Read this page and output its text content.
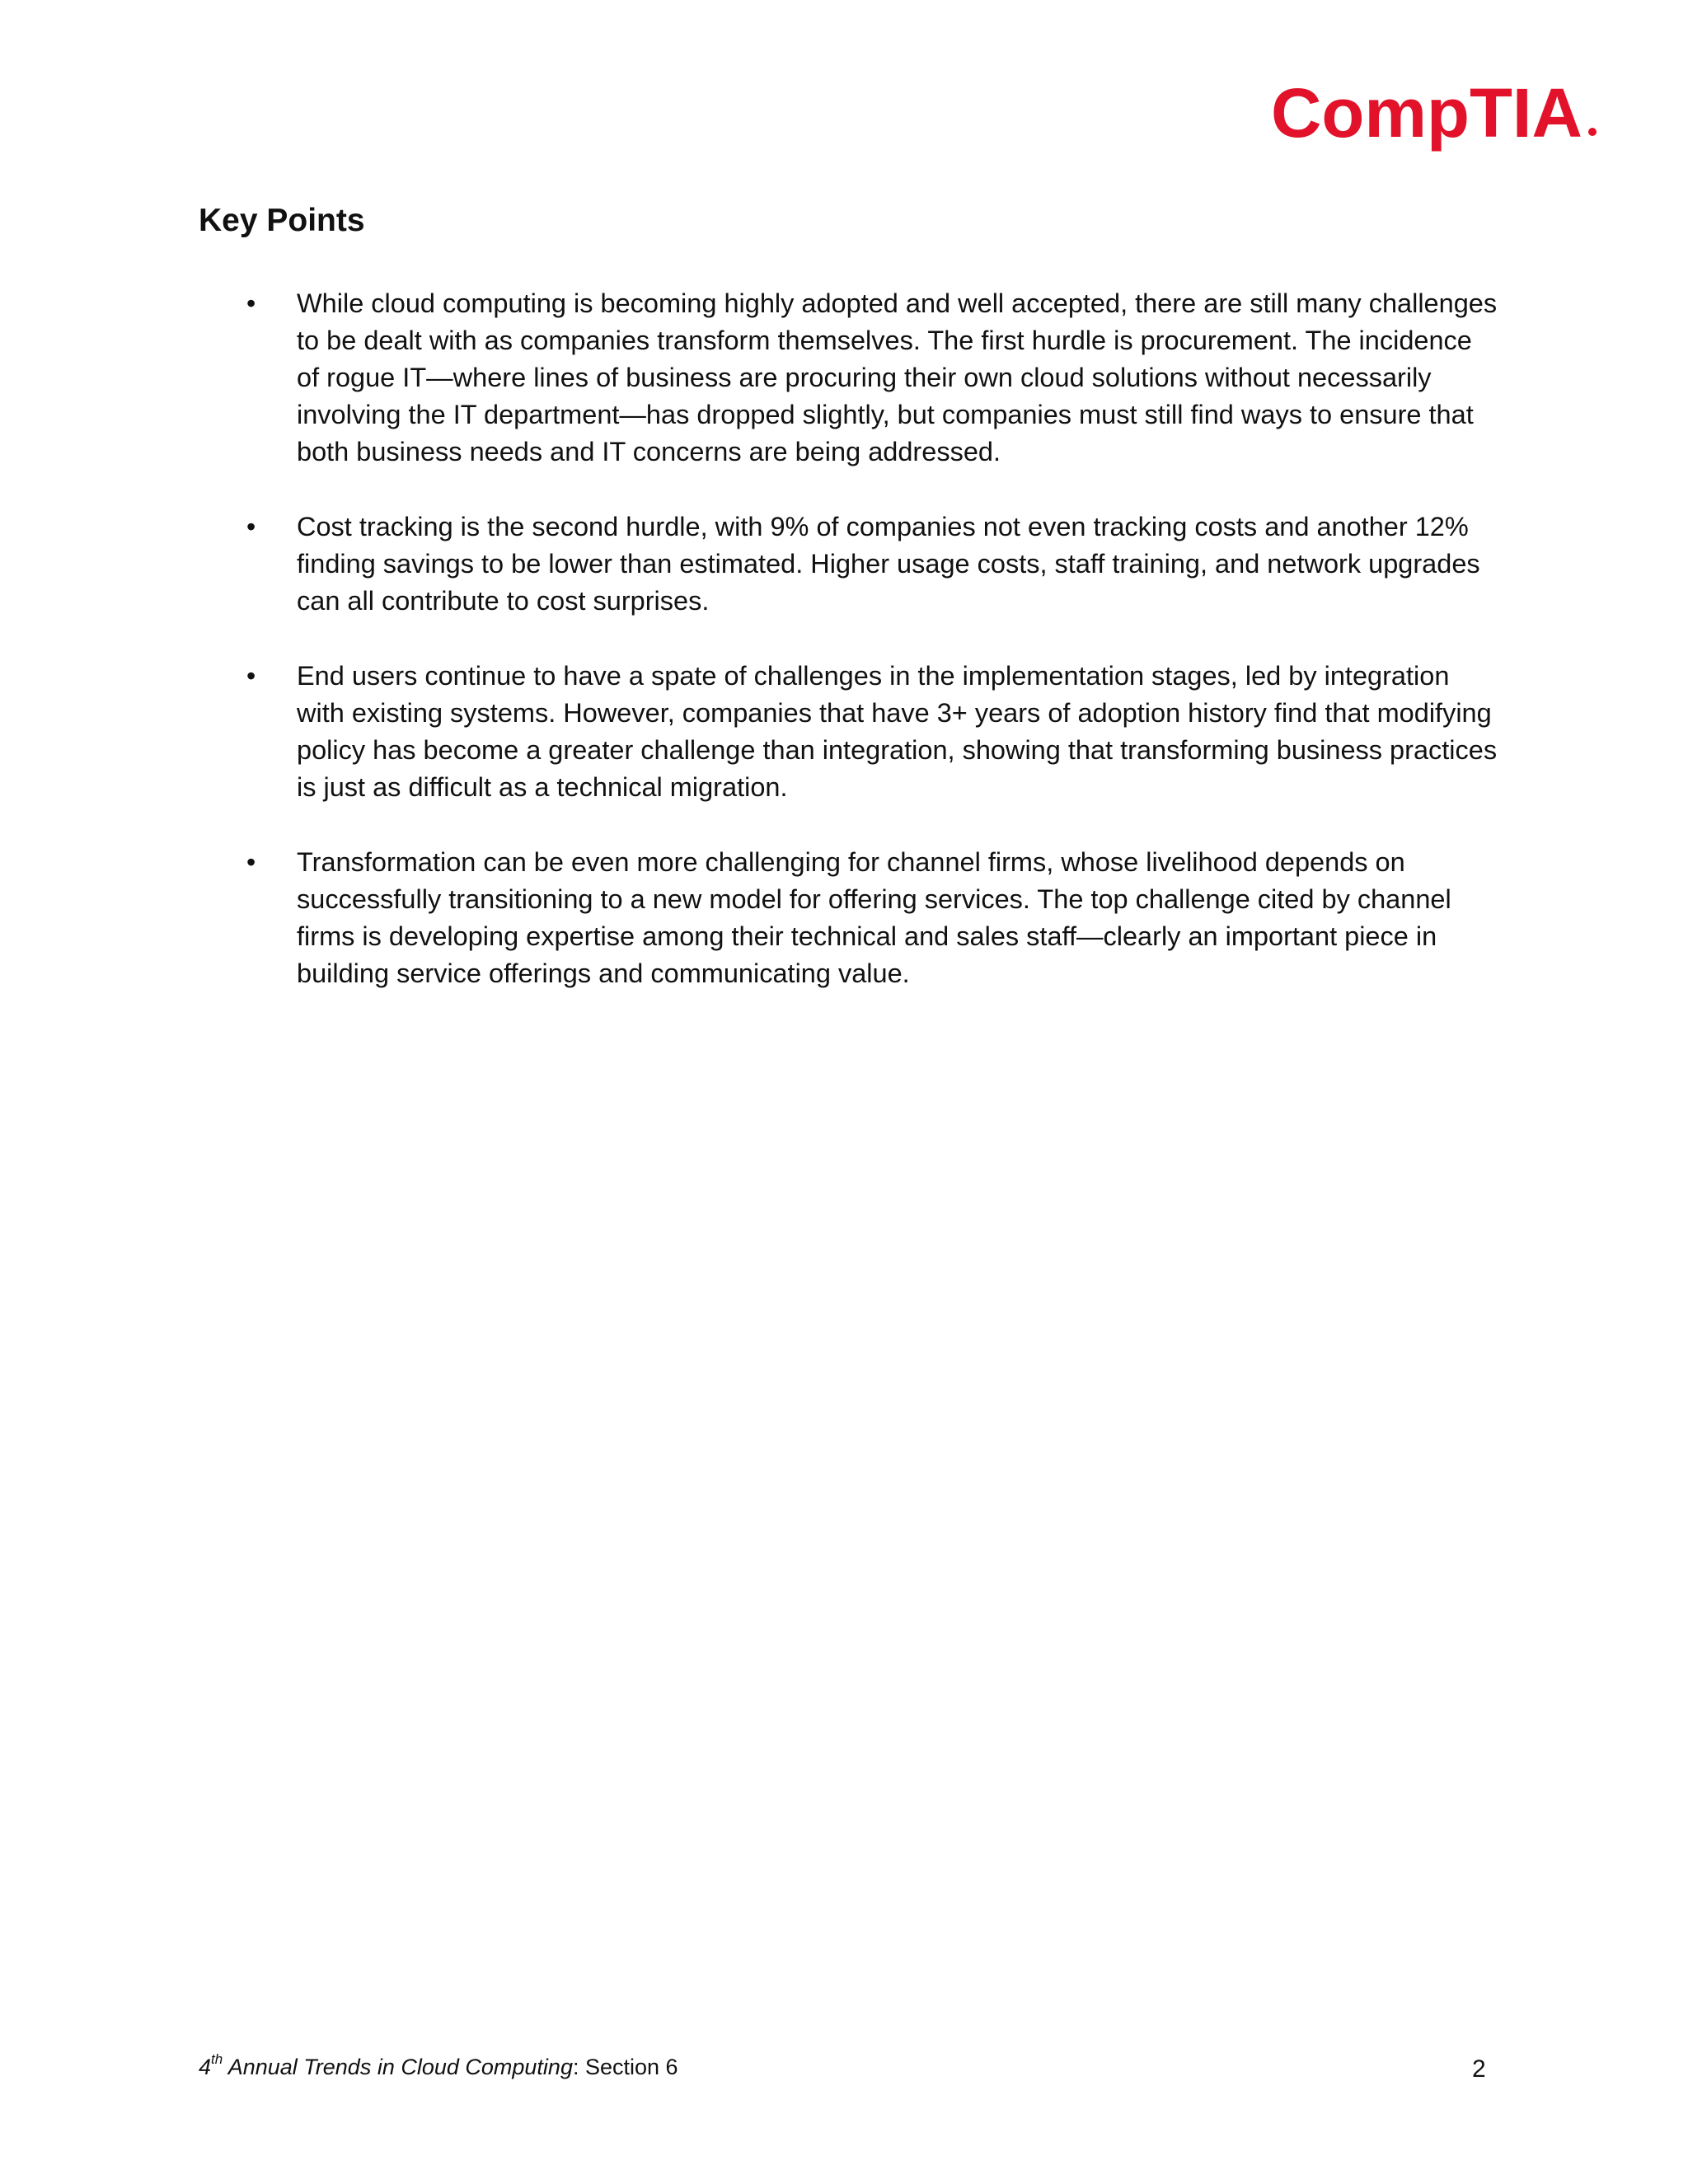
CompTIA
Key Points
• While cloud computing is becoming highly adopted and well accepted, there are still many challenges to be dealt with as companies transform themselves. The first hurdle is procurement. The incidence of rogue IT—where lines of business are procuring their own cloud solutions without necessarily involving the IT department—has dropped slightly, but companies must still find ways to ensure that both business needs and IT concerns are being addressed.
• Cost tracking is the second hurdle, with 9% of companies not even tracking costs and another 12% finding savings to be lower than estimated. Higher usage costs, staff training, and network upgrades can all contribute to cost surprises.
• End users continue to have a spate of challenges in the implementation stages, led by integration with existing systems. However, companies that have 3+ years of adoption history find that modifying policy has become a greater challenge than integration, showing that transforming business practices is just as difficult as a technical migration.
• Transformation can be even more challenging for channel firms, whose livelihood depends on successfully transitioning to a new model for offering services. The top challenge cited by channel firms is developing expertise among their technical and sales staff—clearly an important piece in building service offerings and communicating value.
4th Annual Trends in Cloud Computing: Section 6	2
